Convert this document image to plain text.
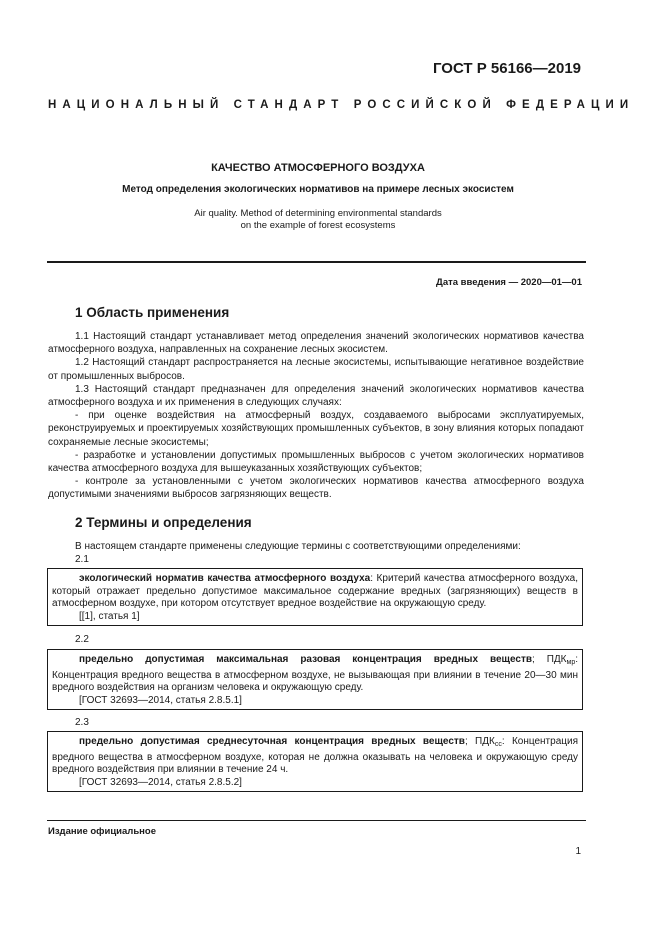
ГОСТ Р 56166—2019
НАЦИОНАЛЬНЫЙ СТАНДАРТ РОССИЙСКОЙ ФЕДЕРАЦИИ
КАЧЕСТВО АТМОСФЕРНОГО ВОЗДУХА
Метод определения экологических нормативов на примере лесных экосистем
Air quality. Method of determining environmental standards
on the example of forest ecosystems
Дата введения — 2020—01—01
1 Область применения

1.1 Настоящий стандарт устанавливает метод определения значений экологических нормативов качества атмосферного воздуха, направленных на сохранение лесных экосистем.

1.2 Настоящий стандарт распространяется на лесные экосистемы, испытывающие негативное воздействие от промышленных выбросов.

1.3 Настоящий стандарт предназначен для определения значений экологических нормативов качества атмосферного воздуха и их применения в следующих случаях:

- при оценке воздействия на атмосферный воздух, создаваемого выбросами эксплуатируемых, реконструируемых и проектируемых хозяйствующих промышленных субъектов, в зону влияния которых попадают сохраняемые лесные экосистемы;

- разработке и установлении допустимых промышленных выбросов с учетом экологических нормативов качества атмосферного воздуха для вышеуказанных хозяйствующих субъектов;

- контроле за установленными с учетом экологических нормативов качества атмосферного воздуха допустимыми значениями выбросов загрязняющих веществ.

2 Термины и определения

В настоящем стандарте применены следующие термины с соответствующими определениями:

2.1

экологический норматив качества атмосферного воздуха: Критерий качества атмосферного воздуха, который отражает предельно допустимое максимальное содержание вредных (загрязняющих) веществ в атмосферном воздухе, при котором отсутствует вредное воздействие на окружающую среду.

[[1], статья 1]

2.2

предельно допустимая максимальная разовая концентрация вредных веществ; $ПДК_{мр}$: Концентрация вредного вещества в атмосферном воздухе, не вызывающая при влиянии в течение 20—30 мин вредного воздействия на организм человека и окружающую среду.

[ГОСТ 32693—2014, статья 2.8.5.1]

2.3

предельно допустимая среднесуточная концентрация вредных веществ; $ПДК_{сс}$: Концентрация вредного вещества в атмосферном воздухе, которая не должна оказывать на человека и окружающую среду вредного воздействия при влиянии в течение 24 ч.

[ГОСТ 32693—2014, статья 2.8.5.2]

Издание официальное
1
